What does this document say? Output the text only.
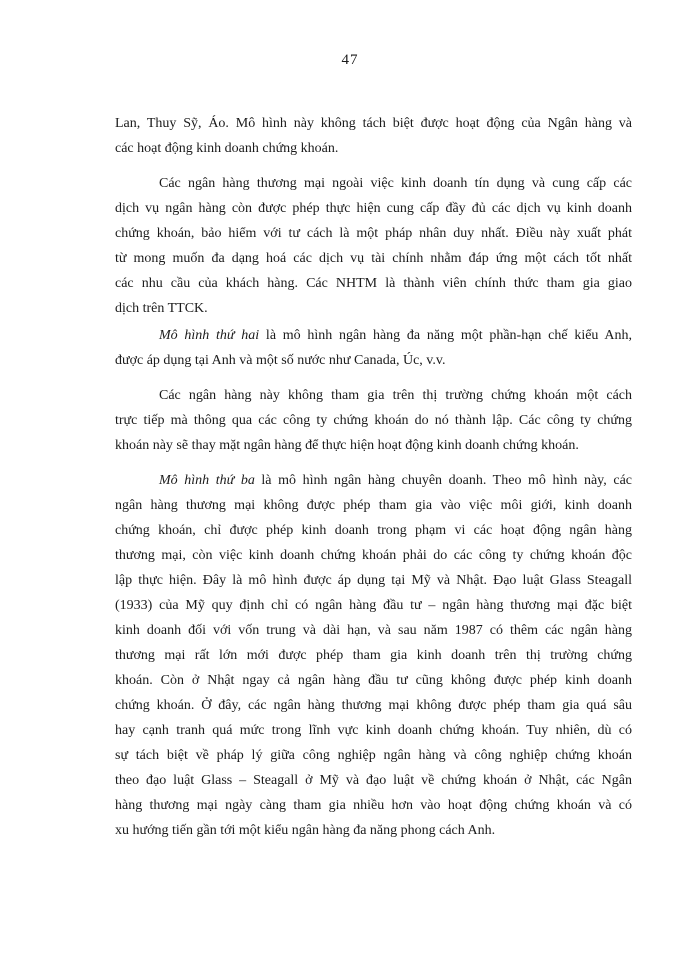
47

Lan, Thuy Sỹ, Áo. Mô hình này không tách biệt được hoạt động của Ngân hàng và
các hoạt động kinh doanh chứng khoán.

Các ngân hàng thương mại ngoài việc kinh doanh tín dụng và cung cấp các
dịch vụ ngân hàng còn được phép thực hiện cung cấp đầy đủ các dịch vụ kinh doanh
chứng khoán, bảo hiểm với tư cách là một pháp nhân duy nhất. Điều này xuất phát
từ mong muốn đa dạng hoá các dịch vụ tài chính nhằm đáp ứng một cách tốt nhất
các nhu cầu của khách hàng. Các NHTM là thành viên chính thức tham gia giao
dịch trên TTCK.

Mô hình thứ hai là mô hình ngân hàng đa năng một phần-hạn chế kiểu Anh,
được áp dụng tại Anh và một số nước như Canada, Úc, v.v.

Các ngân hàng này không tham gia trên thị trường chứng khoán một cách
trực tiếp mà thông qua các công ty chứng khoán do nó thành lập. Các công ty chứng
khoán này sẽ thay mặt ngân hàng để thực hiện hoạt động kinh doanh chứng khoán.

Mô hình thứ ba là mô hình ngân hàng chuyên doanh. Theo mô hình này, các
ngân hàng thương mại không được phép tham gia vào việc môi giới, kinh doanh
chứng khoán, chỉ được phép kinh doanh trong phạm vi các hoạt động ngân hàng
thương mại, còn việc kinh doanh chứng khoán phải do các công ty chứng khoán độc
lập thực hiện. Đây là mô hình được áp dụng tại Mỹ và Nhật. Đạo luật Glass Steagall
(1933) của Mỹ quy định chỉ có ngân hàng đầu tư – ngân hàng thương mại đặc biệt
kinh doanh đối với vốn trung và dài hạn, và sau năm 1987 có thêm các ngân hàng
thương mại rất lớn mới được phép tham gia kinh doanh trên thị trường chứng
khoán. Còn ở Nhật ngay cả ngân hàng đầu tư cũng không được phép kinh doanh
chứng khoán. Ở đây, các ngân hàng thương mại không được phép tham gia quá sâu
hay cạnh tranh quá mức trong lĩnh vực kinh doanh chứng khoán. Tuy nhiên, dù có
sự tách biệt về pháp lý giữa công nghiệp ngân hàng và công nghiệp chứng khoán
theo đạo luật Glass – Steagall ở Mỹ và đạo luật về chứng khoán ở Nhật, các Ngân
hàng thương mại ngày càng tham gia nhiều hơn vào hoạt động chứng khoán và có
xu hướng tiến gần tới một kiểu ngân hàng đa năng phong cách Anh.
